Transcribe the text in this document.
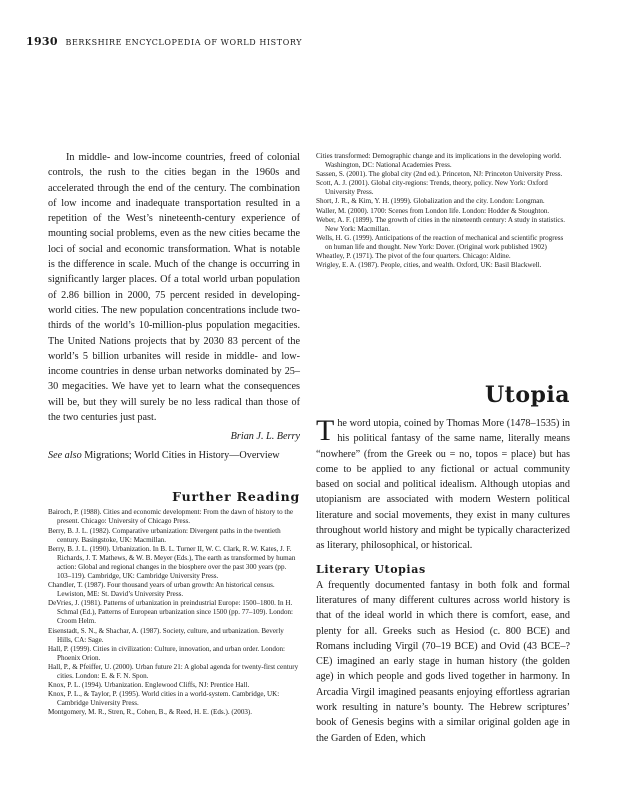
1930 BERKSHIRE ENCYCLOPEDIA OF WORLD HISTORY

In middle- and low-income countries, freed of colonial controls, the rush to the cities began in the 1960s and accelerated through the end of the century. The combination of low income and inadequate transportation resulted in a repetition of the West’s nineteenth-century experience of mounting social problems, even as the new cities became the loci of social and economic transformation. What is notable is the difference in scale. Much of the change is occurring in significantly larger places. Of a total world urban population of 2.86 billion in 2000, 75 percent resided in developing-world cities. The new population concentrations include two-thirds of the world’s 10-million-plus population megacities. The United Nations projects that by 2030 83 percent of the world’s 5 billion urbanites will reside in middle- and low-income countries in dense urban networks dominated by 25–30 megacities. We have yet to learn what the consequences will be, but they will surely be no less radical than those of the two centuries just past.

Brian J. L. Berry

See also Migrations; World Cities in History—Overview

Further Reading
Bairoch, P. (1988). Cities and economic development: From the dawn of history to the present. Chicago: University of Chicago Press.
Berry, B. J. L. (1982). Comparative urbanization: Divergent paths in the twentieth century. Basingstoke, UK: Macmillan.
Berry, B. J. L. (1990). Urbanization. In B. L. Turner II, W. C. Clark, R. W. Kates, J. F. Richards, J. T. Mathews, & W. B. Meyer (Eds.), The earth as transformed by human action: Global and regional changes in the biosphere over the past 300 years (pp. 103–119). Cambridge, UK: Cambridge University Press.
Chandler, T. (1987). Four thousand years of urban growth: An historical census. Lewiston, ME: St. David’s University Press.
DeVries, J. (1981). Patterns of urbanization in preindustrial Europe: 1500–1800. In H. Schmal (Ed.), Patterns of European urbanization since 1500 (pp. 77–109). London: Croom Helm.
Eisenstadt, S. N., & Shachar, A. (1987). Society, culture, and urbanization. Beverly Hills, CA: Sage.
Hall, P. (1999). Cities in civilization: Culture, innovation, and urban order. London: Phoenix Orion.
Hall, P., & Pfeiffer, U. (2000). Urban future 21: A global agenda for twenty-first century cities. London: E. & F. N. Spon.
Knox, P. L. (1994). Urbanization. Englewood Cliffs, NJ: Prentice Hall.
Knox, P. L., & Taylor, P. (1995). World cities in a world-system. Cambridge, UK: Cambridge University Press.
Montgomery, M. R., Stren, R., Cohen, B., & Reed, H. E. (Eds.). (2003).
Cities transformed: Demographic change and its implications in the developing world. Washington, DC: National Academies Press.
Sassen, S. (2001). The global city (2nd ed.). Princeton, NJ: Princeton University Press.
Scott, A. J. (2001). Global city-regions: Trends, theory, policy. New York: Oxford University Press.
Short, J. R., & Kim, Y. H. (1999). Globalization and the city. London: Longman.
Waller, M. (2000). 1700: Scenes from London life. London: Hodder & Stoughton.
Weber, A. F. (1899). The growth of cities in the nineteenth century: A study in statistics. New York: Macmillan.
Wells, H. G. (1999). Anticipations of the reaction of mechanical and scientific progress on human life and thought. New York: Dover. (Original work published 1902)
Wheatley, P. (1971). The pivot of the four quarters. Chicago: Aldine.
Wrigley, E. A. (1987). People, cities, and wealth. Oxford, UK: Basil Blackwell.
Utopia

The word utopia, coined by Thomas More (1478–1535) in his political fantasy of the same name, literally means “nowhere” (from the Greek ou = no, topos = place) but has come to be applied to any fictional or actual community based on social and political idealism. Although utopias and utopianism are associated with modern Western political literature and social movements, they exist in many cultures throughout world history and might be typically characterized as literary, philosophical, or historical.

Literary Utopias

A frequently documented fantasy in both folk and formal literatures of many different cultures across world history is that of the ideal world in which there is comfort, ease, and plenty for all. Greeks such as Hesiod (c. 800 BCE) and Romans including Virgil (70–19 BCE) and Ovid (43 BCE–?CE) imagined an early stage in human history (the golden age) in which people and gods lived together in harmony. In Arcadia Virgil imagined peasants enjoying effortless agrarian work resulting in nature’s bounty. The Hebrew scriptures’ book of Genesis begins with a similar original golden age in the Garden of Eden, which
